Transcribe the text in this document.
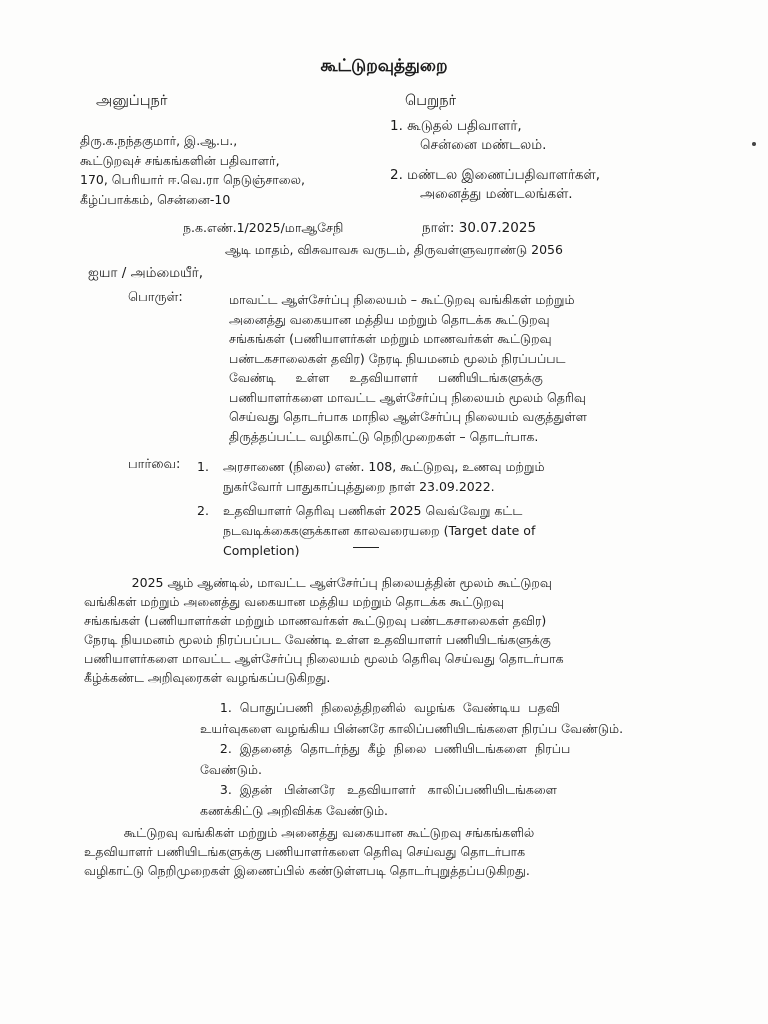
கூட்டுறவுத்துறை
அனுப்புநர்	பெறுநர்
திரு.க.நந்தகுமார், இ.ஆ.ப.,
கூட்டுறவுச் சங்கங்களின் பதிவாளர்,
170, பெரியார் ஈ.வெ.ரா நெடுஞ்சாலை,
கீழ்ப்பாக்கம், சென்னை-10
1. கூடுதல் பதிவாளர்,
சென்னை மண்டலம்.
2. மண்டல இணைப்பதிவாளர்கள்,
அனைத்து மண்டலங்கள்.
ந.க.எண்.1/2025/மாஆசேநி	நாள்: 30.07.2025
ஆடி மாதம், விசுவாவசு வருடம், திருவள்ளுவராண்டு 2056
ஐயா / அம்மையீர்,
பொருள்:	மாவட்ட ஆள்சேர்ப்பு நிலையம் – கூட்டுறவு வங்கிகள் மற்றும்
அனைத்து வகையான மத்திய மற்றும் தொடக்க கூட்டுறவு
சங்கங்கள் (பணியாளர்கள் மற்றும் மாணவர்கள் கூட்டுறவு
பண்டகசாலைகள் தவிர) நேரடி நியமனம் மூலம் நிரப்பப்பட
வேண்டி     உள்ள     உதவியாளர்     பணியிடங்களுக்கு
பணியாளர்களை மாவட்ட ஆள்சேர்ப்பு நிலையம் மூலம் தெரிவு
செய்வது தொடர்பாக மாநில ஆள்சேர்ப்பு நிலையம் வகுத்துள்ள
திருத்தப்பட்ட வழிகாட்டு நெறிமுறைகள் – தொடர்பாக.
பார்வை: 1.	அரசாணை (நிலை) எண். 108, கூட்டுறவு, உணவு மற்றும்
நுகர்வோர் பாதுகாப்புத்துறை நாள் 23.09.2022.
2.	உதவியாளர் தெரிவு பணிகள் 2025 வெவ்வேறு கட்ட
நடவடிக்கைகளுக்கான காலவரையறை (Target date of
Completion)
2025 ஆம் ஆண்டில், மாவட்ட ஆள்சேர்ப்பு நிலையத்தின் மூலம் கூட்டுறவு
வங்கிகள் மற்றும் அனைத்து வகையான மத்திய மற்றும் தொடக்க கூட்டுறவு
சங்கங்கள் (பணியாளர்கள் மற்றும் மாணவர்கள் கூட்டுறவு பண்டகசாலைகள் தவிர)
நேரடி நியமனம் மூலம் நிரப்பப்பட வேண்டி உள்ள உதவியாளர் பணியிடங்களுக்கு
பணியாளர்களை மாவட்ட ஆள்சேர்ப்பு நிலையம் மூலம் தெரிவு செய்வது தொடர்பாக
கீழ்க்கண்ட அறிவுரைகள் வழங்கப்படுகிறது.
1.  பொதுப்பணி  நிலைத்திறனில்  வழங்க  வேண்டிய  பதவி
உயர்வுகளை வழங்கிய பின்னரே காலிப்பணியிடங்களை நிரப்ப வேண்டும்.
2.  இதனைத்  தொடர்ந்து  கீழ்  நிலை  பணியிடங்களை  நிரப்ப
வேண்டும்.
3.  இதன்   பின்னரே   உதவியாளர்   காலிப்பணியிடங்களை
கணக்கிட்டு அறிவிக்க வேண்டும்.
கூட்டுறவு வங்கிகள் மற்றும் அனைத்து வகையான கூட்டுறவு சங்கங்களில்
உதவியாளர் பணியிடங்களுக்கு பணியாளர்களை தெரிவு செய்வது தொடர்பாக
வழிகாட்டு நெறிமுறைகள் இணைப்பில் கண்டுள்ளபடி தொடர்புறுத்தப்படுகிறது.
